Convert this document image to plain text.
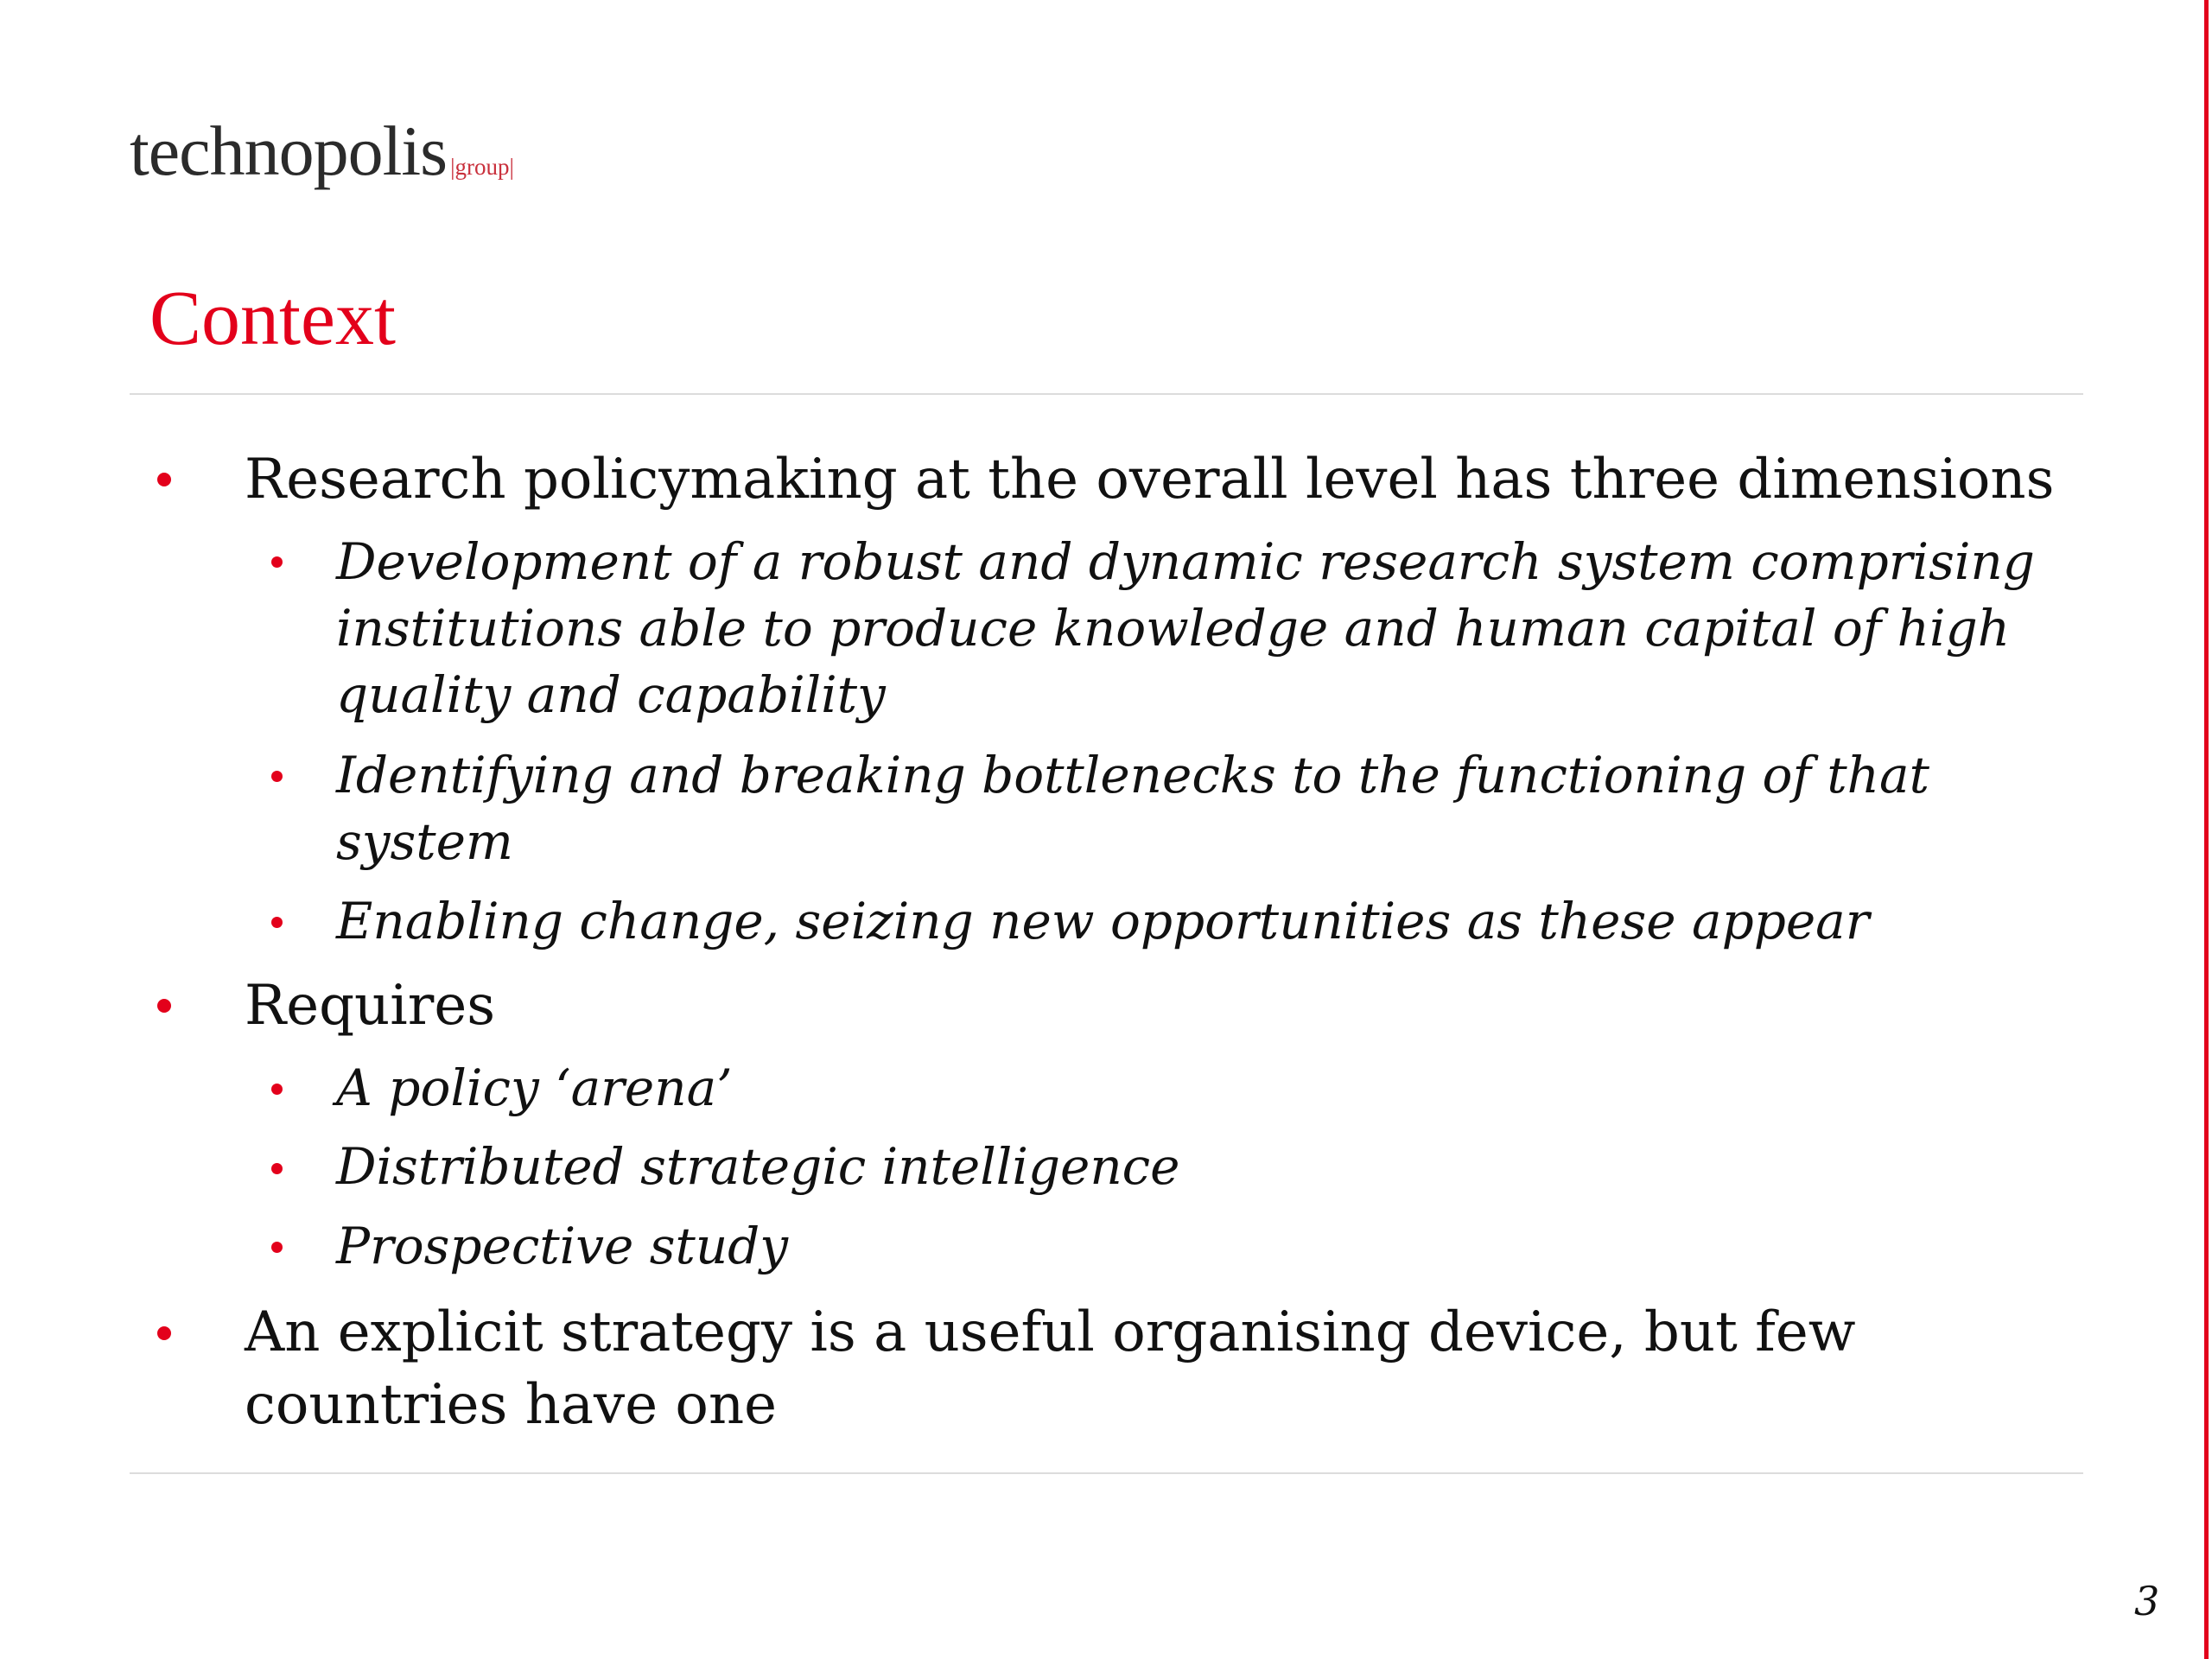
technopolis |group|
Context
Research policymaking at the overall level has three dimensions
Development of a robust and dynamic research system comprising institutions able to produce knowledge and human capital of high quality and capability
Identifying and breaking bottlenecks to the functioning of that system
Enabling change, seizing new opportunities as these appear
Requires
A policy ‘arena’
Distributed strategic intelligence
Prospective study
An explicit strategy is a useful organising device, but few countries have one
3
